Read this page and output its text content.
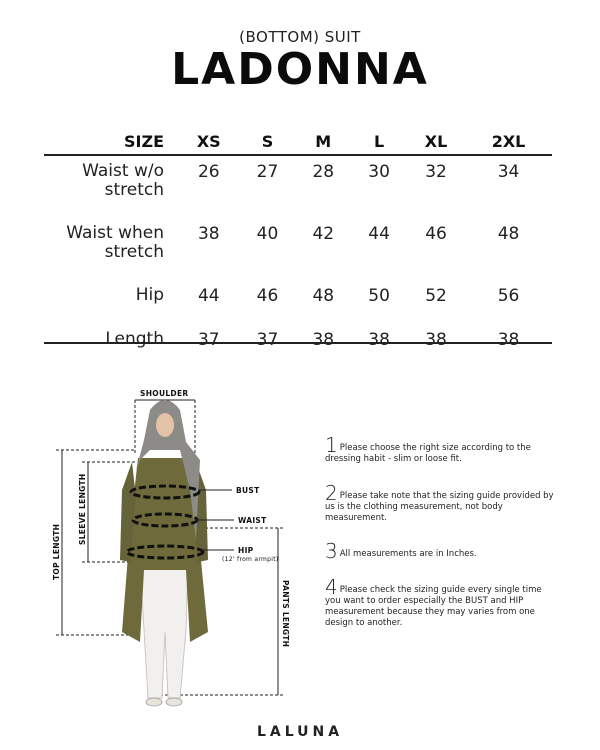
(BOTTOM) SUIT
LADONNA
SIZE	XS	S	M	L	XL	2XL
Waist w/o
stretch	26	27	28	30	32	34
Waist when
stretch	38	40	42	44	46	48
Hip	44	46	48	50	52	56
Length	37	37	38	38	38	38
SHOULDER
BUST
WAIST
HIP
(12' from armpit)
TOP LENGTH
SLEEVE LENGTH
PANTS LENGTH
1 Please choose the right size according to the dressing habit - slim or loose fit.
2 Please take note that the sizing guide provided by us is the clothing measurement, not body measurement.
3 All measurements are in Inches.
4 Please check the sizing guide every single time you want to order especially the BUST and HIP measurement because they may varies from one design to another.
LALUNA
